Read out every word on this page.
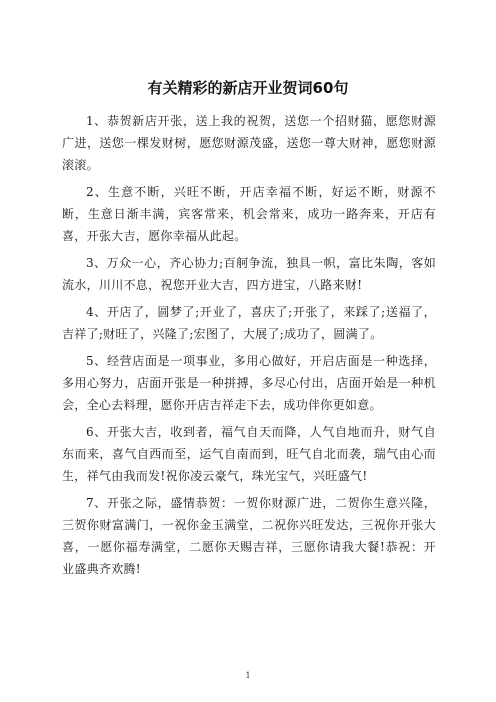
有关精彩的新店开业贺词60句

1、恭贺新店开张，送上我的祝贺，送您一个招财猫，愿您财源广进，送您一棵发财树，愿您财源茂盛，送您一尊大财神，愿您财源滚滚。

2、生意不断，兴旺不断，开店幸福不断，好运不断，财源不断，生意日渐丰满，宾客常来，机会常来，成功一路奔来，开店有喜，开张大吉，愿你幸福从此起。

3、万众一心，齐心协力;百舸争流，独具一帜，富比朱陶，客如流水，川川不息，祝您开业大吉，四方进宝，八路来财!

4、开店了，圆梦了;开业了，喜庆了;开张了，来踩了;送福了，吉祥了;财旺了，兴隆了;宏图了，大展了;成功了，圆满了。

5、经营店面是一项事业，多用心做好，开启店面是一种选择，多用心努力，店面开张是一种拼搏，多尽心付出，店面开始是一种机会，全心去料理，愿你开店吉祥走下去，成功伴你更如意。

6、开张大吉，收到者，福气自天而降，人气自地而升，财气自东而来，喜气自西而至，运气自南而到，旺气自北而袭，瑞气由心而生，祥气由我而发!祝你凌云豪气，珠光宝气，兴旺盛气!

7、开张之际，盛情恭贺：一贺你财源广进，二贺你生意兴隆，三贺你财富满门，一祝你金玉满堂，二祝你兴旺发达，三祝你开张大喜，一愿你福寿满堂，二愿你天赐吉祥，三愿你请我大餐!恭祝：开业盛典齐欢腾!

1
